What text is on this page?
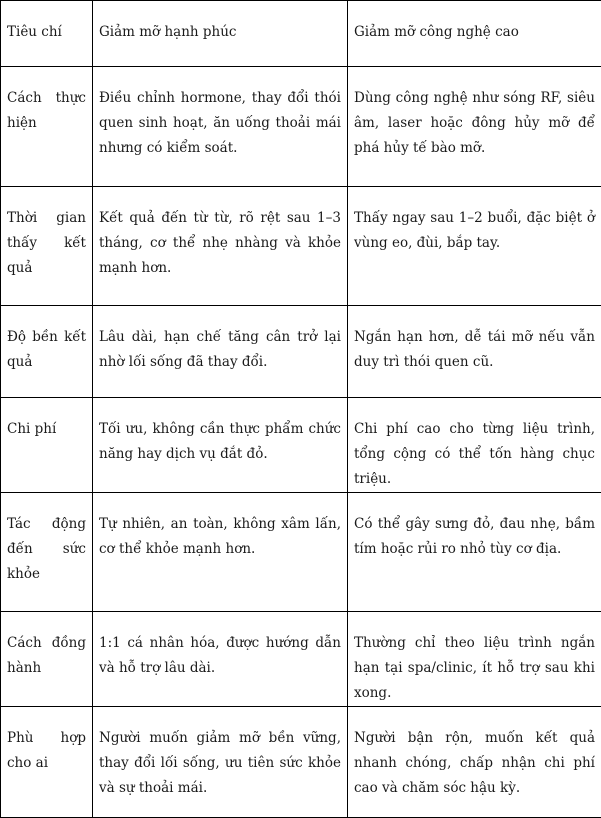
Tiêu chí	Giảm mỡ hạnh phúc	Giảm mỡ công nghệ cao
Cách thực hiện	Điều chỉnh hormone, thay đổi thói quen sinh hoạt, ăn uống thoải mái nhưng có kiểm soát.	Dùng công nghệ như sóng RF, siêu âm, laser hoặc đông hủy mỡ để phá hủy tế bào mỡ.
Thời gian thấy kết quả	Kết quả đến từ từ, rõ rệt sau 1–3 tháng, cơ thể nhẹ nhàng và khỏe mạnh hơn.	Thấy ngay sau 1–2 buổi, đặc biệt ở vùng eo, đùi, bắp tay.
Độ bền kết quả	Lâu dài, hạn chế tăng cân trở lại nhờ lối sống đã thay đổi.	Ngắn hạn hơn, dễ tái mỡ nếu vẫn duy trì thói quen cũ.
Chi phí	Tối ưu, không cần thực phẩm chức năng hay dịch vụ đắt đỏ.	Chi phí cao cho từng liệu trình, tổng cộng có thể tốn hàng chục triệu.
Tác động đến sức khỏe	Tự nhiên, an toàn, không xâm lấn, cơ thể khỏe mạnh hơn.	Có thể gây sưng đỏ, đau nhẹ, bầm tím hoặc rủi ro nhỏ tùy cơ địa.
Cách đồng hành	1:1 cá nhân hóa, được hướng dẫn và hỗ trợ lâu dài.	Thường chỉ theo liệu trình ngắn hạn tại spa/clinic, ít hỗ trợ sau khi xong.
Phù hợp cho ai	Người muốn giảm mỡ bền vững, thay đổi lối sống, ưu tiên sức khỏe và sự thoải mái.	Người bận rộn, muốn kết quả nhanh chóng, chấp nhận chi phí cao và chăm sóc hậu kỳ.
